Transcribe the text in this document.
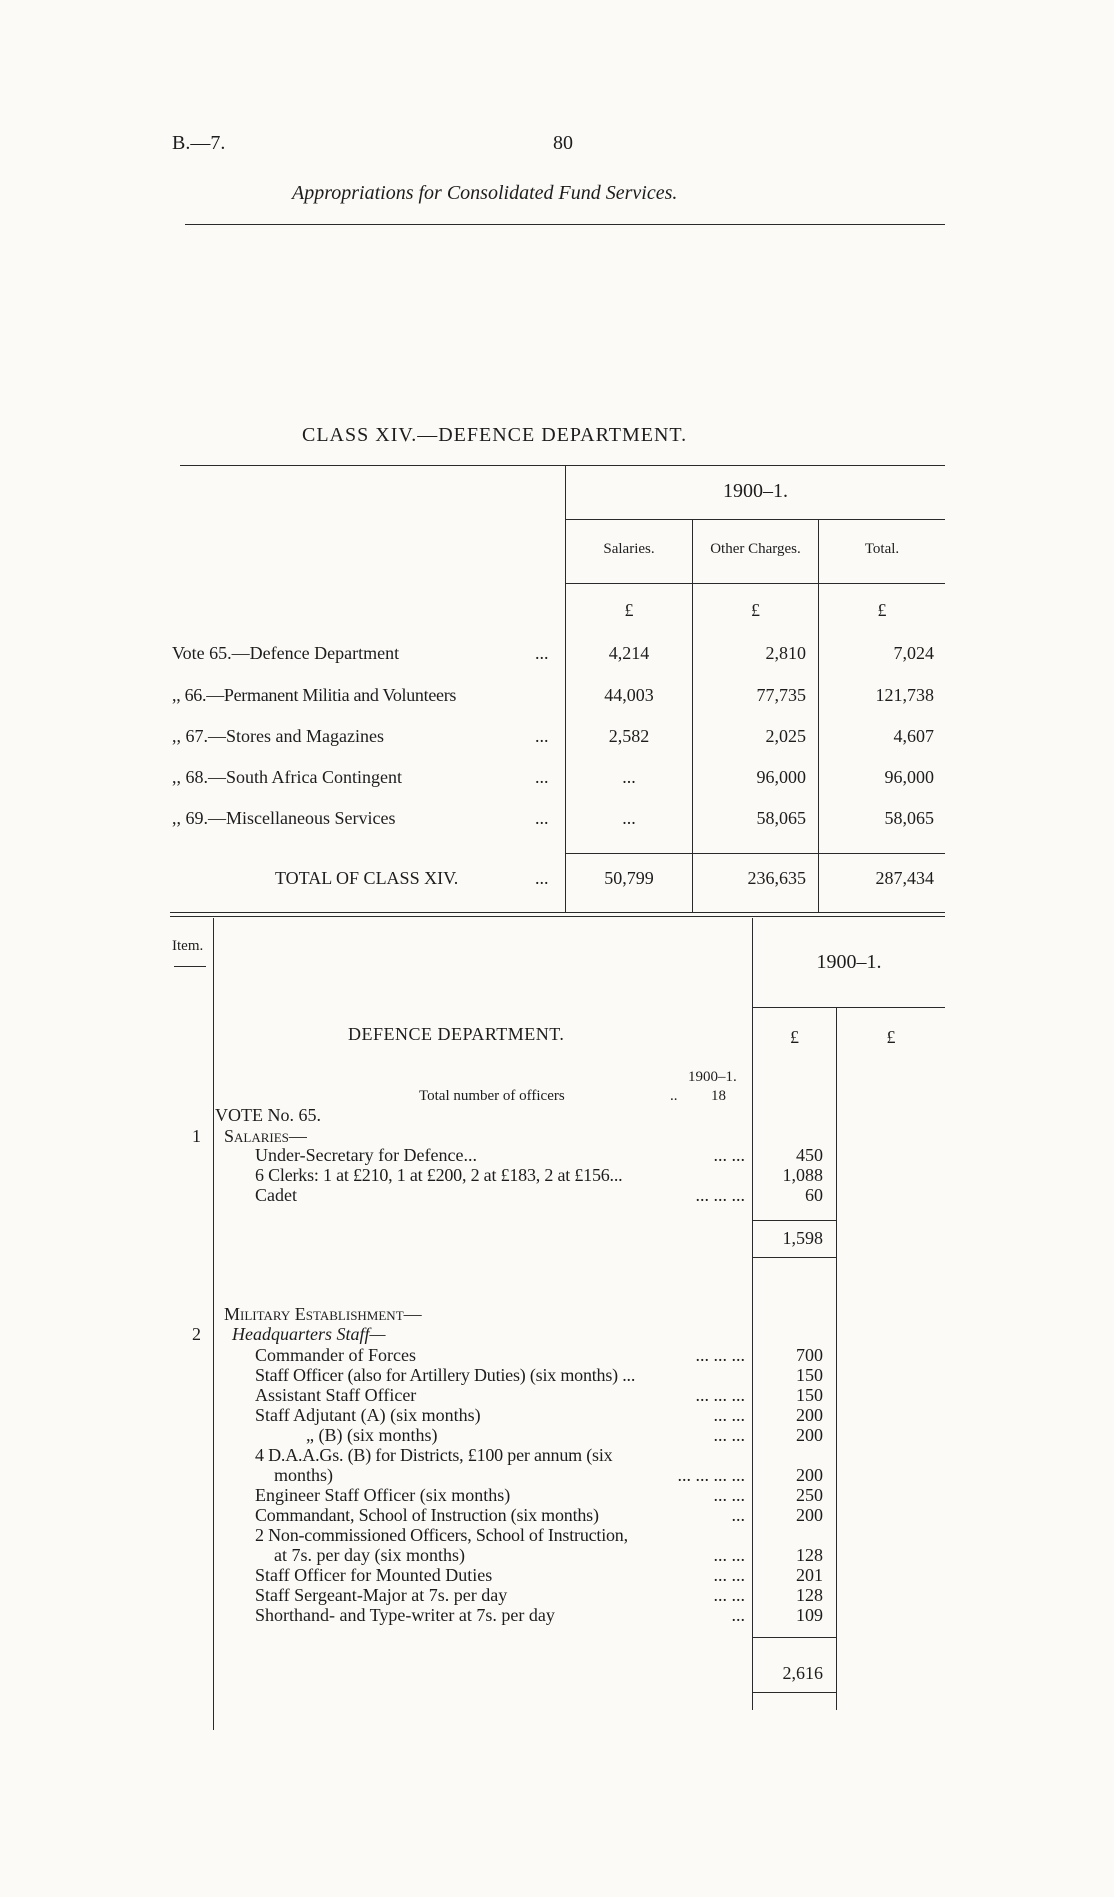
B.—7.	80
Appropriations for Consolidated Fund Services.
CLASS XIV.—DEFENCE DEPARTMENT.
1900–1.
Salaries.	Other Charges.	Total.
£	£	£
Vote 65.—Defence Department	...	4,214	2,810	7,024
,, 66.—Permanent Militia and Volunteers	44,003	77,735	121,738
,, 67.—Stores and Magazines	...	2,582	2,025	4,607
,, 68.—South Africa Contingent	...	...	96,000	96,000
,, 69.—Miscellaneous Services	...	...	58,065	58,065
TOTAL OF CLASS XIV.	...	50,799	236,635	287,434
Item.
1900–1.
£	£
DEFENCE DEPARTMENT.
1900–1.
Total number of officers	.. 18
VOTE No. 65.
1 Salaries—
Under-Secretary for Defence...	... ...	450
6 Clerks: 1 at £210, 1 at £200, 2 at £183, 2 at £156...	1,088
Cadet	... ... ...	60
1,598
Military Establishment—
2 Headquarters Staff—
Commander of Forces	... ... ...	700
Staff Officer (also for Artillery Duties) (six months) ...	150
Assistant Staff Officer	... ... ...	150
Staff Adjutant (A) (six months)	... ...	200
„ (B) (six months)	... ...	200
4 D.A.A.Gs. (B) for Districts, £100 per annum (six
months)	... ... ... ...	200
Engineer Staff Officer (six months)	... ...	250
Commandant, School of Instruction (six months)	...	200
2 Non-commissioned Officers, School of Instruction,
at 7s. per day (six months)	... ...	128
Staff Officer for Mounted Duties	... ...	201
Staff Sergeant-Major at 7s. per day	... ...	128
Shorthand- and Type-writer at 7s. per day	...	109
2,616
